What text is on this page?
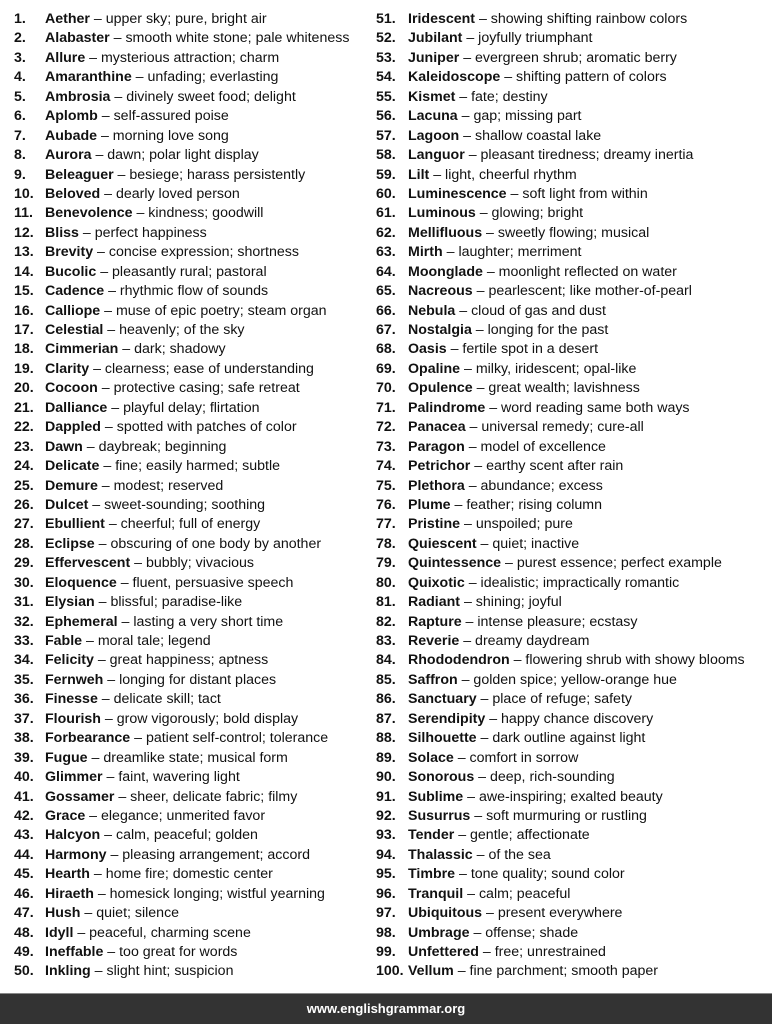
1. Aether – upper sky; pure, bright air
2. Alabaster – smooth white stone; pale whiteness
3. Allure – mysterious attraction; charm
4. Amaranthine – unfading; everlasting
5. Ambrosia – divinely sweet food; delight
6. Aplomb – self-assured poise
7. Aubade – morning love song
8. Aurora – dawn; polar light display
9. Beleaguer – besiege; harass persistently
10. Beloved – dearly loved person
11. Benevolence – kindness; goodwill
12. Bliss – perfect happiness
13. Brevity – concise expression; shortness
14. Bucolic – pleasantly rural; pastoral
15. Cadence – rhythmic flow of sounds
16. Calliope – muse of epic poetry; steam organ
17. Celestial – heavenly; of the sky
18. Cimmerian – dark; shadowy
19. Clarity – clearness; ease of understanding
20. Cocoon – protective casing; safe retreat
21. Dalliance – playful delay; flirtation
22. Dappled – spotted with patches of color
23. Dawn – daybreak; beginning
24. Delicate – fine; easily harmed; subtle
25. Demure – modest; reserved
26. Dulcet – sweet-sounding; soothing
27. Ebullient – cheerful; full of energy
28. Eclipse – obscuring of one body by another
29. Effervescent – bubbly; vivacious
30. Eloquence – fluent, persuasive speech
31. Elysian – blissful; paradise-like
32. Ephemeral – lasting a very short time
33. Fable – moral tale; legend
34. Felicity – great happiness; aptness
35. Fernweh – longing for distant places
36. Finesse – delicate skill; tact
37. Flourish – grow vigorously; bold display
38. Forbearance – patient self-control; tolerance
39. Fugue – dreamlike state; musical form
40. Glimmer – faint, wavering light
41. Gossamer – sheer, delicate fabric; filmy
42. Grace – elegance; unmerited favor
43. Halcyon – calm, peaceful; golden
44. Harmony – pleasing arrangement; accord
45. Hearth – home fire; domestic center
46. Hiraeth – homesick longing; wistful yearning
47. Hush – quiet; silence
48. Idyll – peaceful, charming scene
49. Ineffable – too great for words
50. Inkling – slight hint; suspicion
51. Iridescent – showing shifting rainbow colors
52. Jubilant – joyfully triumphant
53. Juniper – evergreen shrub; aromatic berry
54. Kaleidoscope – shifting pattern of colors
55. Kismet – fate; destiny
56. Lacuna – gap; missing part
57. Lagoon – shallow coastal lake
58. Languor – pleasant tiredness; dreamy inertia
59. Lilt – light, cheerful rhythm
60. Luminescence – soft light from within
61. Luminous – glowing; bright
62. Mellifluous – sweetly flowing; musical
63. Mirth – laughter; merriment
64. Moonglade – moonlight reflected on water
65. Nacreous – pearlescent; like mother-of-pearl
66. Nebula – cloud of gas and dust
67. Nostalgia – longing for the past
68. Oasis – fertile spot in a desert
69. Opaline – milky, iridescent; opal-like
70. Opulence – great wealth; lavishness
71. Palindrome – word reading same both ways
72. Panacea – universal remedy; cure-all
73. Paragon – model of excellence
74. Petrichor – earthy scent after rain
75. Plethora – abundance; excess
76. Plume – feather; rising column
77. Pristine – unspoiled; pure
78. Quiescent – quiet; inactive
79. Quintessence – purest essence; perfect example
80. Quixotic – idealistic; impractically romantic
81. Radiant – shining; joyful
82. Rapture – intense pleasure; ecstasy
83. Reverie – dreamy daydream
84. Rhododendron – flowering shrub with showy blooms
85. Saffron – golden spice; yellow-orange hue
86. Sanctuary – place of refuge; safety
87. Serendipity – happy chance discovery
88. Silhouette – dark outline against light
89. Solace – comfort in sorrow
90. Sonorous – deep, rich-sounding
91. Sublime – awe-inspiring; exalted beauty
92. Susurrus – soft murmuring or rustling
93. Tender – gentle; affectionate
94. Thalassic – of the sea
95. Timbre – tone quality; sound color
96. Tranquil – calm; peaceful
97. Ubiquitous – present everywhere
98. Umbrage – offense; shade
99. Unfettered – free; unrestrained
100. Vellum – fine parchment; smooth paper
www.englishgrammar.org
